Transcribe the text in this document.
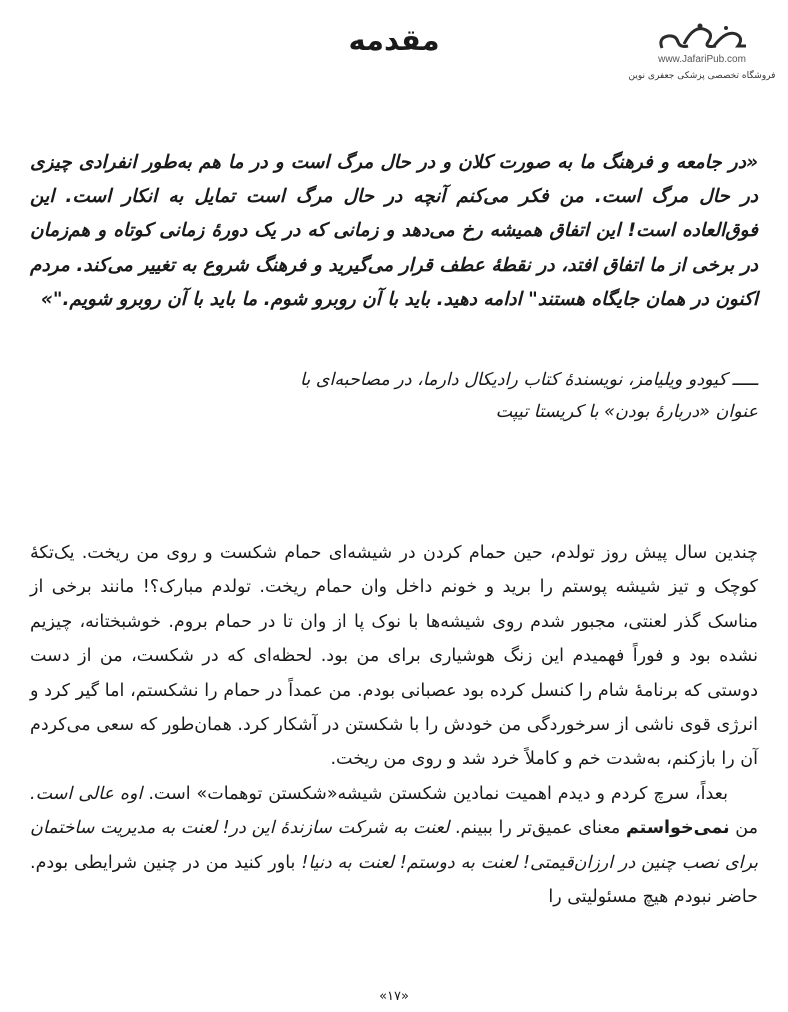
مقدمه
www.JafariPub.com
فروشگاه تخصصی پزشکی جعفری نوین
«در جامعه و فرهنگ ما به صورت کلان و در حال مرگ است و در ما هم به‌طور انفرادی چیزی در حال مرگ است. من فکر می‌کنم آنچه در حال مرگ است تمایل به انکار است. این فوق‌العاده است! این اتفاق همیشه رخ می‌دهد و زمانی که در یک دورهٔ زمانی کوتاه و هم‌زمان در برخی از ما اتفاق افتد، در نقطهٔ عطف قرار می‌گیرید و فرهنگ شروع به تغییر می‌کند. مردم اکنون در همان جایگاه هستند" ادامه دهید. باید با آن روبرو شوم. ما باید با آن روبرو شویم."»
ـــــ کیودو ویلیامز، نویسندهٔ کتاب رادیکال دارما، در مصاحبه‌ای با
عنوان «دربارهٔ بودن» با کریستا تیپت

چندین سال پیش روز تولدم، حین حمام کردن در شیشه‌ای حمام شکست و روی من ریخت. یک‌تکهٔ کوچک و تیز شیشه پوستم را برید و خونم داخل وان حمام ریخت. تولدم مبارک؟! مانند برخی از مناسک گذر لعنتی، مجبور شدم روی شیشه‌ها با نوک پا از وان تا در حمام بروم. خوشبختانه، چیزیم نشده بود و فوراً فهمیدم این زنگ هوشیاری برای من بود. لحظه‌ای که در شکست، من از دست دوستی که برنامهٔ شام را کنسل کرده بود عصبانی بودم. من عمداً در حمام را نشکستم، اما گیر کرد و انرژی قوی ناشی از سرخوردگی من خودش را با شکستن در آشکار کرد. همان‌طور که سعی می‌کردم آن را بازکنم، به‌شدت خم و کاملاً خرد شد و روی من ریخت.

بعداً، سرچ کردم و دیدم اهمیت نمادین شکستن شیشه«شکستن توهمات» است. اوه عالی است. من نمی‌خواستم معنای عمیق‌تر را ببینم. لعنت به شرکت سازندهٔ این در! لعنت به مدیریت ساختمان برای نصب چنین در ارزان‌قیمتی! لعنت به دوستم! لعنت به دنیا! باور کنید من در چنین شرایطی بودم. حاضر نبودم هیچ مسئولیتی را

«۱۷»
